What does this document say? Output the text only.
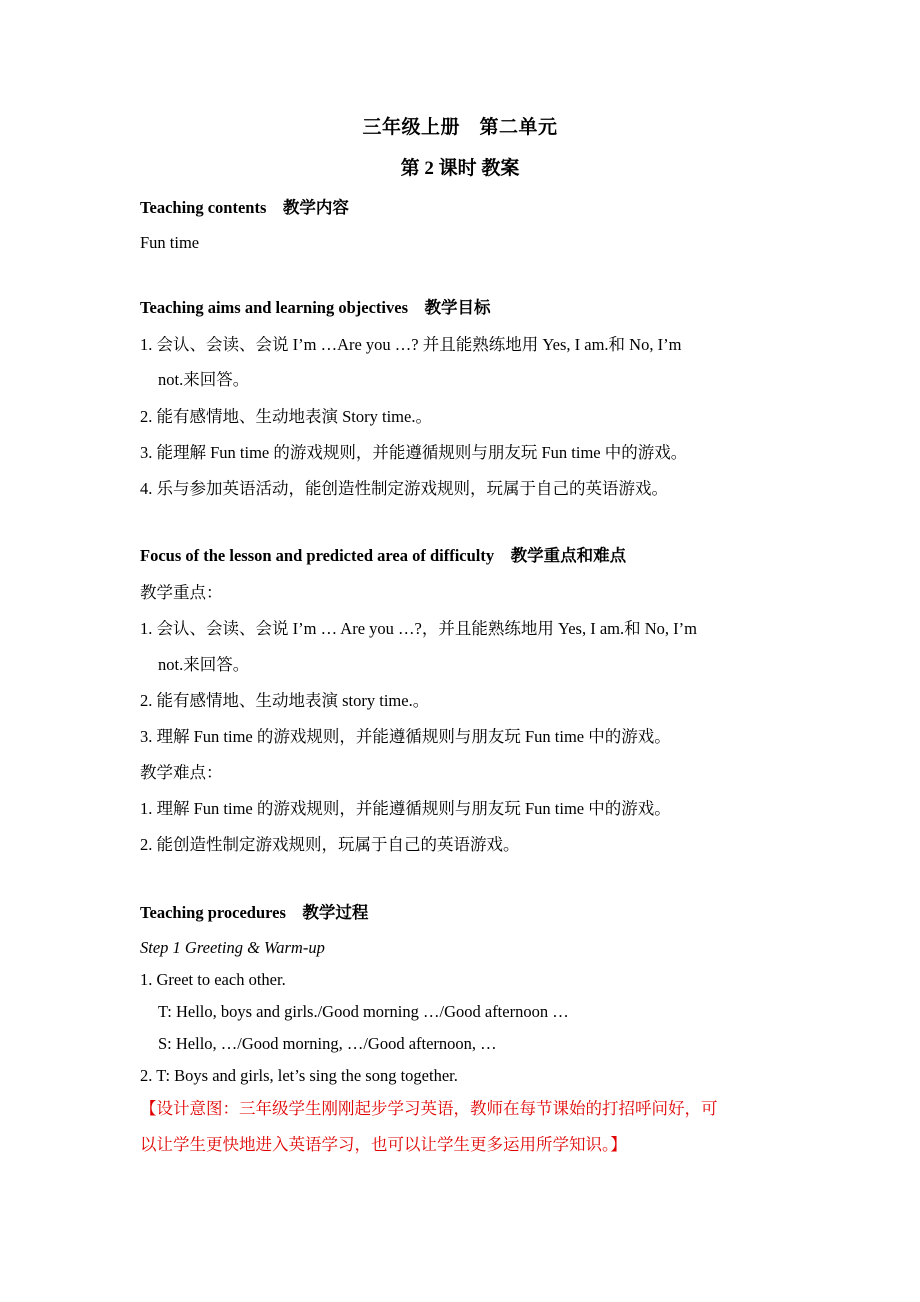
三年级上册　第二单元
第 2 课时 教案
Teaching contents　教学内容
Fun time
Teaching aims and learning objectives　教学目标
1. 会认、会读、会说 I’m …Are you …? 并且能熟练地用 Yes, I am.和 No, I’m
not.来回答。
2. 能有感情地、生动地表演 Story time.。
3. 能理解 Fun time 的游戏规则，并能遵循规则与朋友玩 Fun time 中的游戏。
4. 乐与参加英语活动，能创造性制定游戏规则，玩属于自己的英语游戏。
Focus of the lesson and predicted area of difficulty　教学重点和难点
教学重点：
1. 会认、会读、会说 I’m … Are you …?，并且能熟练地用 Yes, I am.和 No, I’m
not.来回答。
2. 能有感情地、生动地表演 story time.。
3. 理解 Fun time 的游戏规则，并能遵循规则与朋友玩 Fun time 中的游戏。
教学难点：
1. 理解 Fun time 的游戏规则，并能遵循规则与朋友玩 Fun time 中的游戏。
2. 能创造性制定游戏规则，玩属于自己的英语游戏。
Teaching procedures　教学过程
Step 1 Greeting & Warm-up
1. Greet to each other.
T: Hello, boys and girls./Good morning …/Good afternoon …
S: Hello, …/Good morning, …/Good afternoon, …
2. T: Boys and girls, let’s sing the song together.
【设计意图：三年级学生刚刚起步学习英语，教师在每节课始的打招呼问好，可
以让学生更快地进入英语学习，也可以让学生更多运用所学知识。】
